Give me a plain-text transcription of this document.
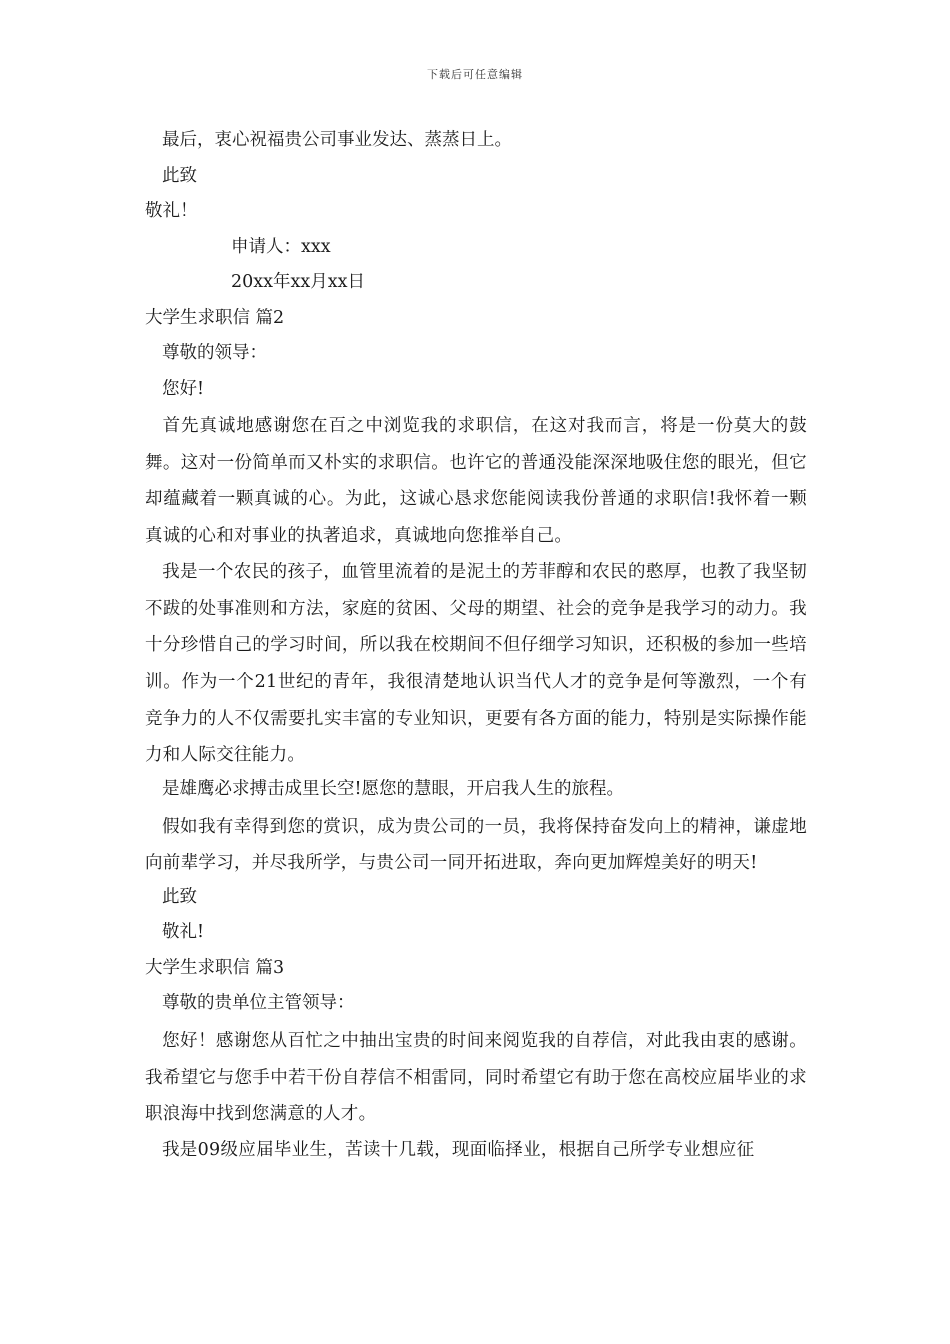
下载后可任意编辑
最后，衷心祝福贵公司事业发达、蒸蒸日上。
此致
敬礼！
申请人：xxx
20xx年xx月xx日
大学生求职信 篇2
尊敬的领导：
您好!
首先真诚地感谢您在百之中浏览我的求职信，在这对我而言，将是一份莫大的鼓舞。这对一份简单而又朴实的求职信。也许它的普通没能深深地吸住您的眼光，但它却蕴藏着一颗真诚的心。为此，这诚心恳求您能阅读我份普通的求职信!我怀着一颗真诚的心和对事业的执著追求，真诚地向您推举自己。
我是一个农民的孩子，血管里流着的是泥土的芳菲醇和农民的憨厚，也教了我坚韧不跋的处事准则和方法，家庭的贫困、父母的期望、社会的竞争是我学习的动力。我十分珍惜自己的学习时间，所以我在校期间不但仔细学习知识，还积极的参加一些培训。作为一个21世纪的青年，我很清楚地认识当代人才的竞争是何等激烈，一个有竞争力的人不仅需要扎实丰富的专业知识，更要有各方面的能力，特别是实际操作能力和人际交往能力。
是雄鹰必求搏击成里长空!愿您的慧眼，开启我人生的旅程。
假如我有幸得到您的赏识，成为贵公司的一员，我将保持奋发向上的精神，谦虚地向前辈学习，并尽我所学，与贵公司一同开拓进取，奔向更加辉煌美好的明天!
此致
敬礼!
大学生求职信 篇3
尊敬的贵单位主管领导：
您好！感谢您从百忙之中抽出宝贵的时间来阅览我的自荐信，对此我由衷的感谢。我希望它与您手中若干份自荐信不相雷同，同时希望它有助于您在高校应届毕业的求职浪海中找到您满意的人才。
我是09级应届毕业生，苦读十几载，现面临择业，根据自己所学专业想应征
